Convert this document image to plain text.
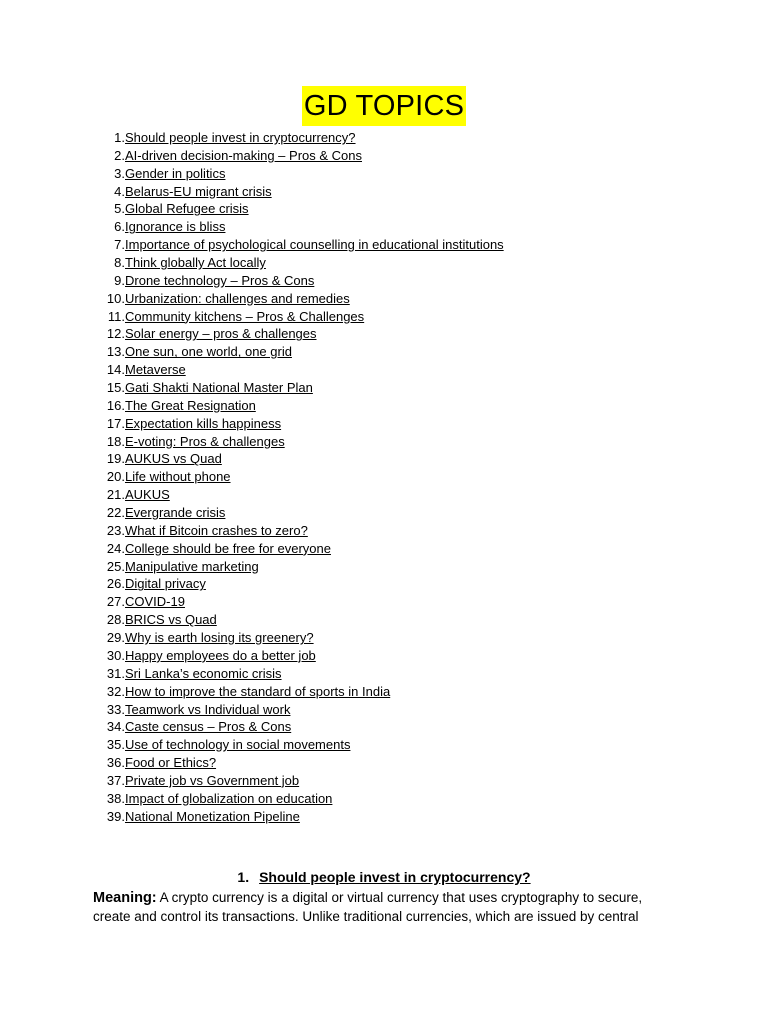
GD TOPICS
1. Should people invest in cryptocurrency?
2. AI-driven decision-making – Pros & Cons
3. Gender in politics
4. Belarus-EU migrant crisis
5. Global Refugee crisis
6. Ignorance is bliss
7. Importance of psychological counselling in educational institutions
8. Think globally Act locally
9. Drone technology – Pros & Cons
10. Urbanization: challenges and remedies
11. Community kitchens – Pros & Challenges
12. Solar energy – pros & challenges
13. One sun, one world, one grid
14. Metaverse
15. Gati Shakti National Master Plan
16. The Great Resignation
17. Expectation kills happiness
18. E-voting: Pros & challenges
19. AUKUS vs Quad
20. Life without phone
21. AUKUS
22. Evergrande crisis
23. What if Bitcoin crashes to zero?
24. College should be free for everyone
25. Manipulative marketing
26. Digital privacy
27. COVID-19
28. BRICS vs Quad
29. Why is earth losing its greenery?
30. Happy employees do a better job
31. Sri Lanka’s economic crisis
32. How to improve the standard of sports in India
33. Teamwork vs Individual work
34. Caste census – Pros & Cons
35. Use of technology in social movements
36. Food or Ethics?
37. Private job vs Government job
38. Impact of globalization on education
39. National Monetization Pipeline
1. Should people invest in cryptocurrency?
Meaning: A crypto currency is a digital or virtual currency that uses cryptography to secure, create and control its transactions. Unlike traditional currencies, which are issued by central
